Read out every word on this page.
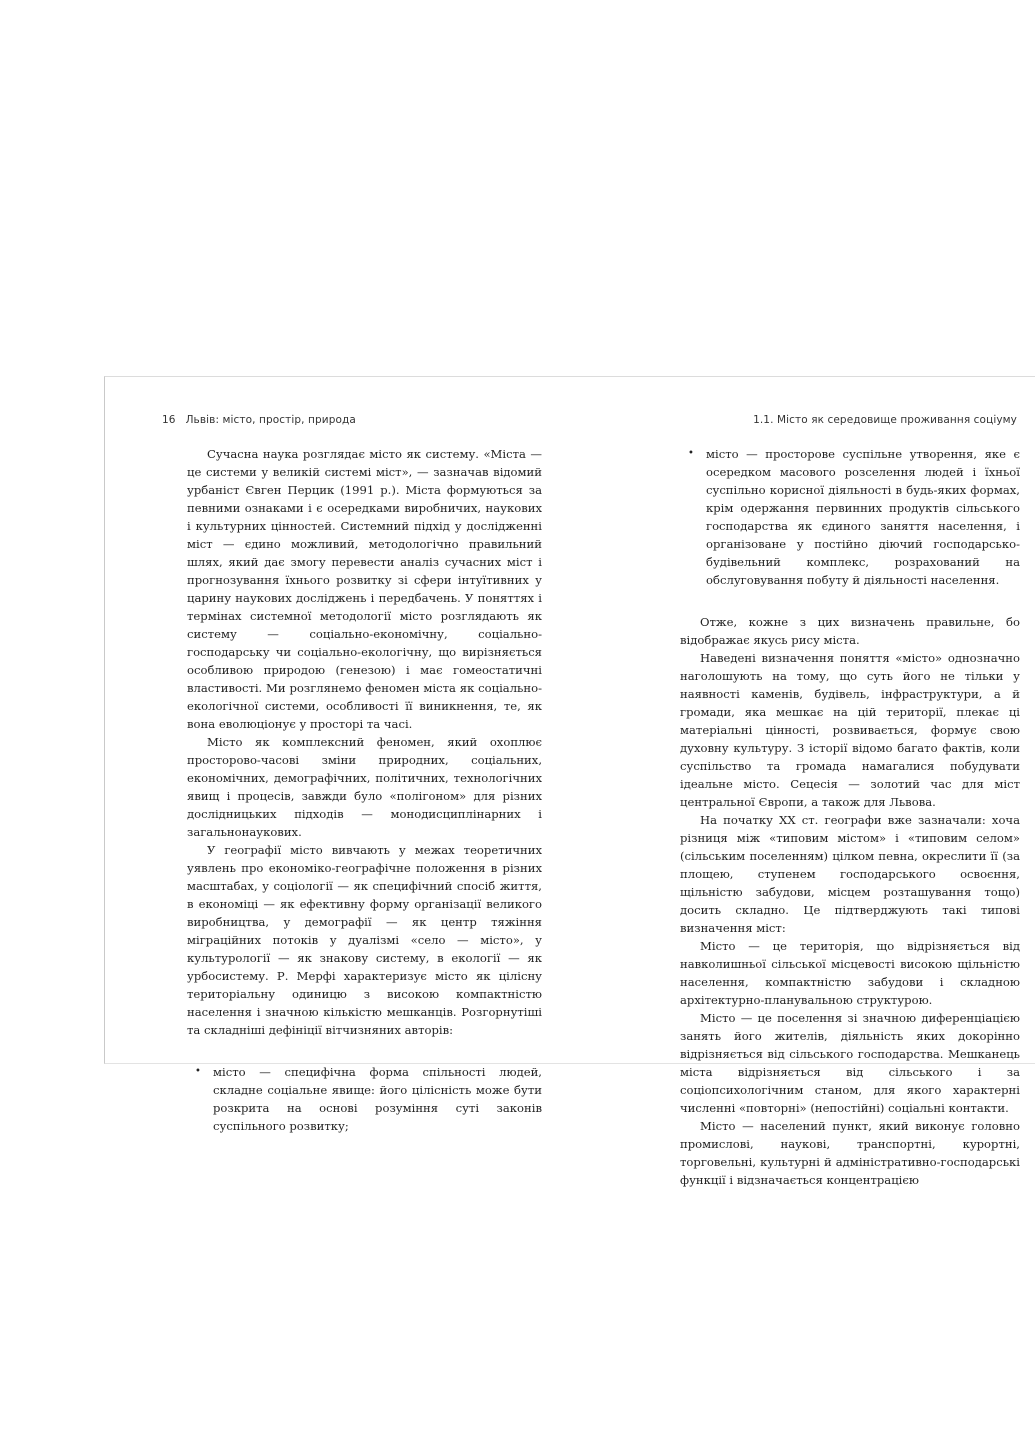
16 Львів: місто, простір, природа	1.1. Місто як середовище проживання соціуму

Сучасна наука розглядає місто як систему. «Міста — це системи у великій системі міст», — зазначав відомий урбаніст Євген Перцик (1991 р.). Міста формуються за певними ознаками і є осередками виробничих, наукових і культурних цінностей. Системний підхід у дослідженні міст — єдино можливий, методологічно правильний шлях, який дає змогу перевести аналіз сучасних міст і прогнозування їхнього розвитку зі сфери інтуїтивних у царину наукових досліджень і передбачень. У поняттях і термінах системної методології місто розглядають як систему — соціально-економічну, соціально-господарську чи соціально-екологічну, що вирізняється особливою природою (генезою) і має гомеостатичні властивості. Ми розглянемо феномен міста як соціально-екологічної системи, особливості її виникнення, те, як вона еволюціонує у просторі та часі.

Місто як комплексний феномен, який охоплює просторово-часові зміни природних, соціальних, економічних, демографічних, політичних, технологічних явищ і процесів, завжди було «полігоном» для різних дослідницьких підходів — монодисциплінарних і загальнонаукових.

У географії місто вивчають у межах теоретичних уявлень про економіко-географічне положення в різних масштабах, у соціології — як специфічний спосіб життя, в економіці — як ефективну форму організації великого виробництва, у демографії — як центр тяжіння міграційних потоків у дуалізмі «село — місто», у культурології — як знакову систему, в екології — як урбосистему. Р. Мерфі характеризує місто як цілісну територіальну одиницю з високою компактністю населення і значною кількістю мешканців. Розгорнутіші та складніші дефініції вітчизняних авторів:

• місто — специфічна форма спільності людей, складне соціальне явище: його цілісність може бути розкрита на основі розуміння суті законів суспільного розвитку;
• місто — просторове суспільне утворення, яке є осередком масового розселення людей і їхньої суспільно корисної діяльності в будь-яких формах, крім одержання первинних продуктів сільського господарства як єдиного заняття населення, і організоване у постійно діючий господарсько-будівельний комплекс, розрахований на обслуговування побуту й діяльності населення.

Отже, кожне з цих визначень правильне, бо відображає якусь рису міста.

Наведені визначення поняття «місто» однозначно наголошують на тому, що суть його не тільки у наявності каменів, будівель, інфраструктури, а й громади, яка мешкає на цій території, плекає ці матеріальні цінності, розвивається, формує свою духовну культуру. З історії відомо багато фактів, коли суспільство та громада намагалися побудувати ідеальне місто. Сецесія — золотий час для міст центральної Європи, а також для Львова.

На початку XX ст. географи вже зазначали: хоча різниця між «типовим містом» і «типовим селом» (сільським поселенням) цілком певна, окреслити її (за площею, ступенем господарського освоєння, щільністю забудови, місцем розташування тощо) досить складно. Це підтверджують такі типові визначення міст:

Місто — це територія, що відрізняється від навколишньої сільської місцевості високою щільністю населення, компактністю забудови і складною архітектурно-планувальною структурою.

Місто — це поселення зі значною диференціацією занять його жителів, діяльність яких докорінно відрізняється від сільського господарства. Мешканець міста відрізняється від сільського і за соціопсихологічним станом, для якого характерні численні «повторні» (непостійні) соціальні контакти.

Місто — населений пункт, який виконує головно промислові, наукові, транспортні, курортні, торговельні, культурні й адміністративно-господарські функції і відзначається концентрацією
